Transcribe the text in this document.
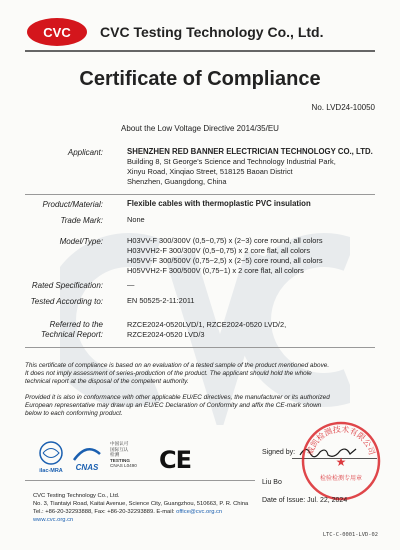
CVC CVC Testing Technology Co., Ltd.
Certificate of Compliance
No. LVD24-10050
About the Low Voltage Directive 2014/35/EU
Applicant:	SHENZHEN RED BANNER ELECTRICIAN TECHNOLOGY CO., LTD.
Building 8, St George's Science and Technology Industrial Park,
Xinyu Road, Xinqiao Street, 518125 Baoan District
Shenzhen, Guangdong, China
Product/Material:	Flexible cables with thermoplastic PVC insulation
Trade Mark:	None
Model/Type:	H03VV-F 300/300V (0,5~0,75) x (2~3) core round, all colors
H03VVH2-F 300/300V (0,5~0,75) x 2 core flat, all colors
H05VV-F 300/500V (0,75~2,5) x (2~5) core round, all colors
H05VVH2-F 300/500V (0,75~1) x 2 core flat, all colors
Rated Specification:	—
Tested According to:	EN 50525-2-11:2011
Referred to the
Technical Report:
RZCE2024-0520LVD/1, RZCE2024-0520 LVD/2,
RZCE2024-0520 LVD/3
This certificate of compliance is based on an evaluation of a tested sample of the product mentioned above.
It does not imply assessment of series-production of the product. The applicant should hold the whole
technical report at the disposal of the competent authority.
Provided it is also in conformance with other applicable EU/EC directives, the manufacturer or its authorized
European representative may draw up an EU/EC Declaration of Conformity and affix the CE-mark shown
below to each conforming product.
ilac-MRA CNAS
中国认可
国际互认
检测
TESTING
CNAS L0490 CE	Signed by: 威凯检测技术有限公司
★
检验检测专用章
Liu Bo
Date of Issue: Jul. 22, 2024
CVC Testing Technology Co., Ltd.
No. 3, Tiantaiyi Road, Kaitai Avenue, Science City, Guangzhou, 510663, P. R. China
Tel.: +86-20-32293888, Fax: +86-20-32293889. E-mail: office@cvc.org.cn
www.cvc.org.cn
LTC-C-0001-LVD-02
